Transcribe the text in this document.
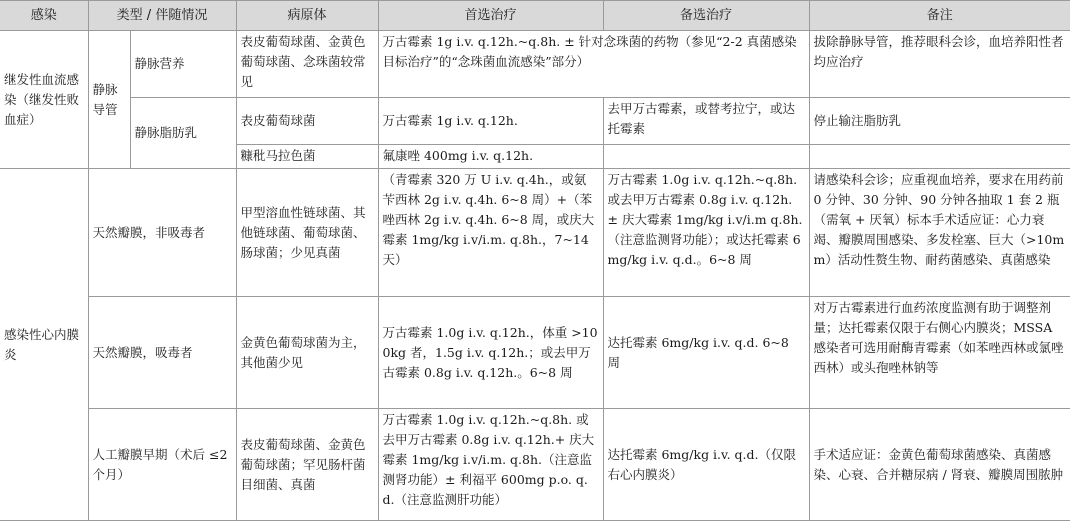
感染	类型 / 伴随情况		病原体	首选治疗	备选治疗	备注
继发性血流感染（继发性败血症）	静脉导管	静脉营养	表皮葡萄球菌、金黄色葡萄球菌、念珠菌较常见	万古霉素 1g i.v. q.12h.~q.8h. ± 针对念珠菌的药物（参见“2-2 真菌感染目标治疗”的“念珠菌血流感染”部分）		拔除静脉导管，推荐眼科会诊，血培养阳性者均应治疗
		静脉脂肪乳	表皮葡萄球菌	万古霉素 1g i.v. q.12h.	去甲万古霉素，或替考拉宁，或达托霉素	停止输注脂肪乳
			糠秕马拉色菌	氟康唑 400mg i.v. q.12h.		
感染性心内膜炎	天然瓣膜，非吸毒者		甲型溶血性链球菌、其他链球菌、葡萄球菌、肠球菌；少见真菌	（青霉素 320 万 U i.v. q.4h.，或氨苄西林 2g i.v. q.4h. 6~8 周）+（苯唑西林 2g i.v. q.4h. 6~8 周，或庆大霉素 1mg/kg i.v/i.m. q.8h.，7~14 天）	万古霉素 1.0g i.v. q.12h.~q.8h. 或去甲万古霉素 0.8g i.v. q.12h. ± 庆大霉素 1mg/kg i.v/i.m q.8h.（注意监测肾功能）；或达托霉素 6mg/kg i.v. q.d.。6~8 周	请感染科会诊；应重视血培养，要求在用药前 0 分钟、30 分钟、90 分钟各抽取 1 套 2 瓶（需氧 + 厌氧）标本手术适应证：心力衰竭、瓣膜周围感染、多发栓塞、巨大（>10mm）活动性赘生物、耐药菌感染、真菌感染
	天然瓣膜，吸毒者		金黄色葡萄球菌为主，其他菌少见	万古霉素 1.0g i.v. q.12h.，体重 >100kg 者，1.5g i.v. q.12h.；或去甲万古霉素 0.8g i.v. q.12h.。6~8 周	达托霉素 6mg/kg i.v. q.d. 6~8 周	对万古霉素进行血药浓度监测有助于调整剂量；达托霉素仅限于右侧心内膜炎；MSSA 感染者可选用耐酶青霉素（如苯唑西林或氯唑西林）或头孢唑林钠等
	人工瓣膜早期（术后 ≤2 个月）		表皮葡萄球菌、金黄色葡萄球菌；罕见肠杆菌目细菌、真菌	万古霉素 1.0g i.v. q.12h.~q.8h. 或去甲万古霉素 0.8g i.v. q.12h.+ 庆大霉素 1mg/kg i.v/i.m. q.8h.（注意监测肾功能）± 利福平 600mg p.o. q.d.（注意监测肝功能）	达托霉素 6mg/kg i.v. q.d.（仅限右心内膜炎）	手术适应证：金黄色葡萄球菌感染、真菌感染、心衰、合并糖尿病 / 肾衰、瓣膜周围脓肿
